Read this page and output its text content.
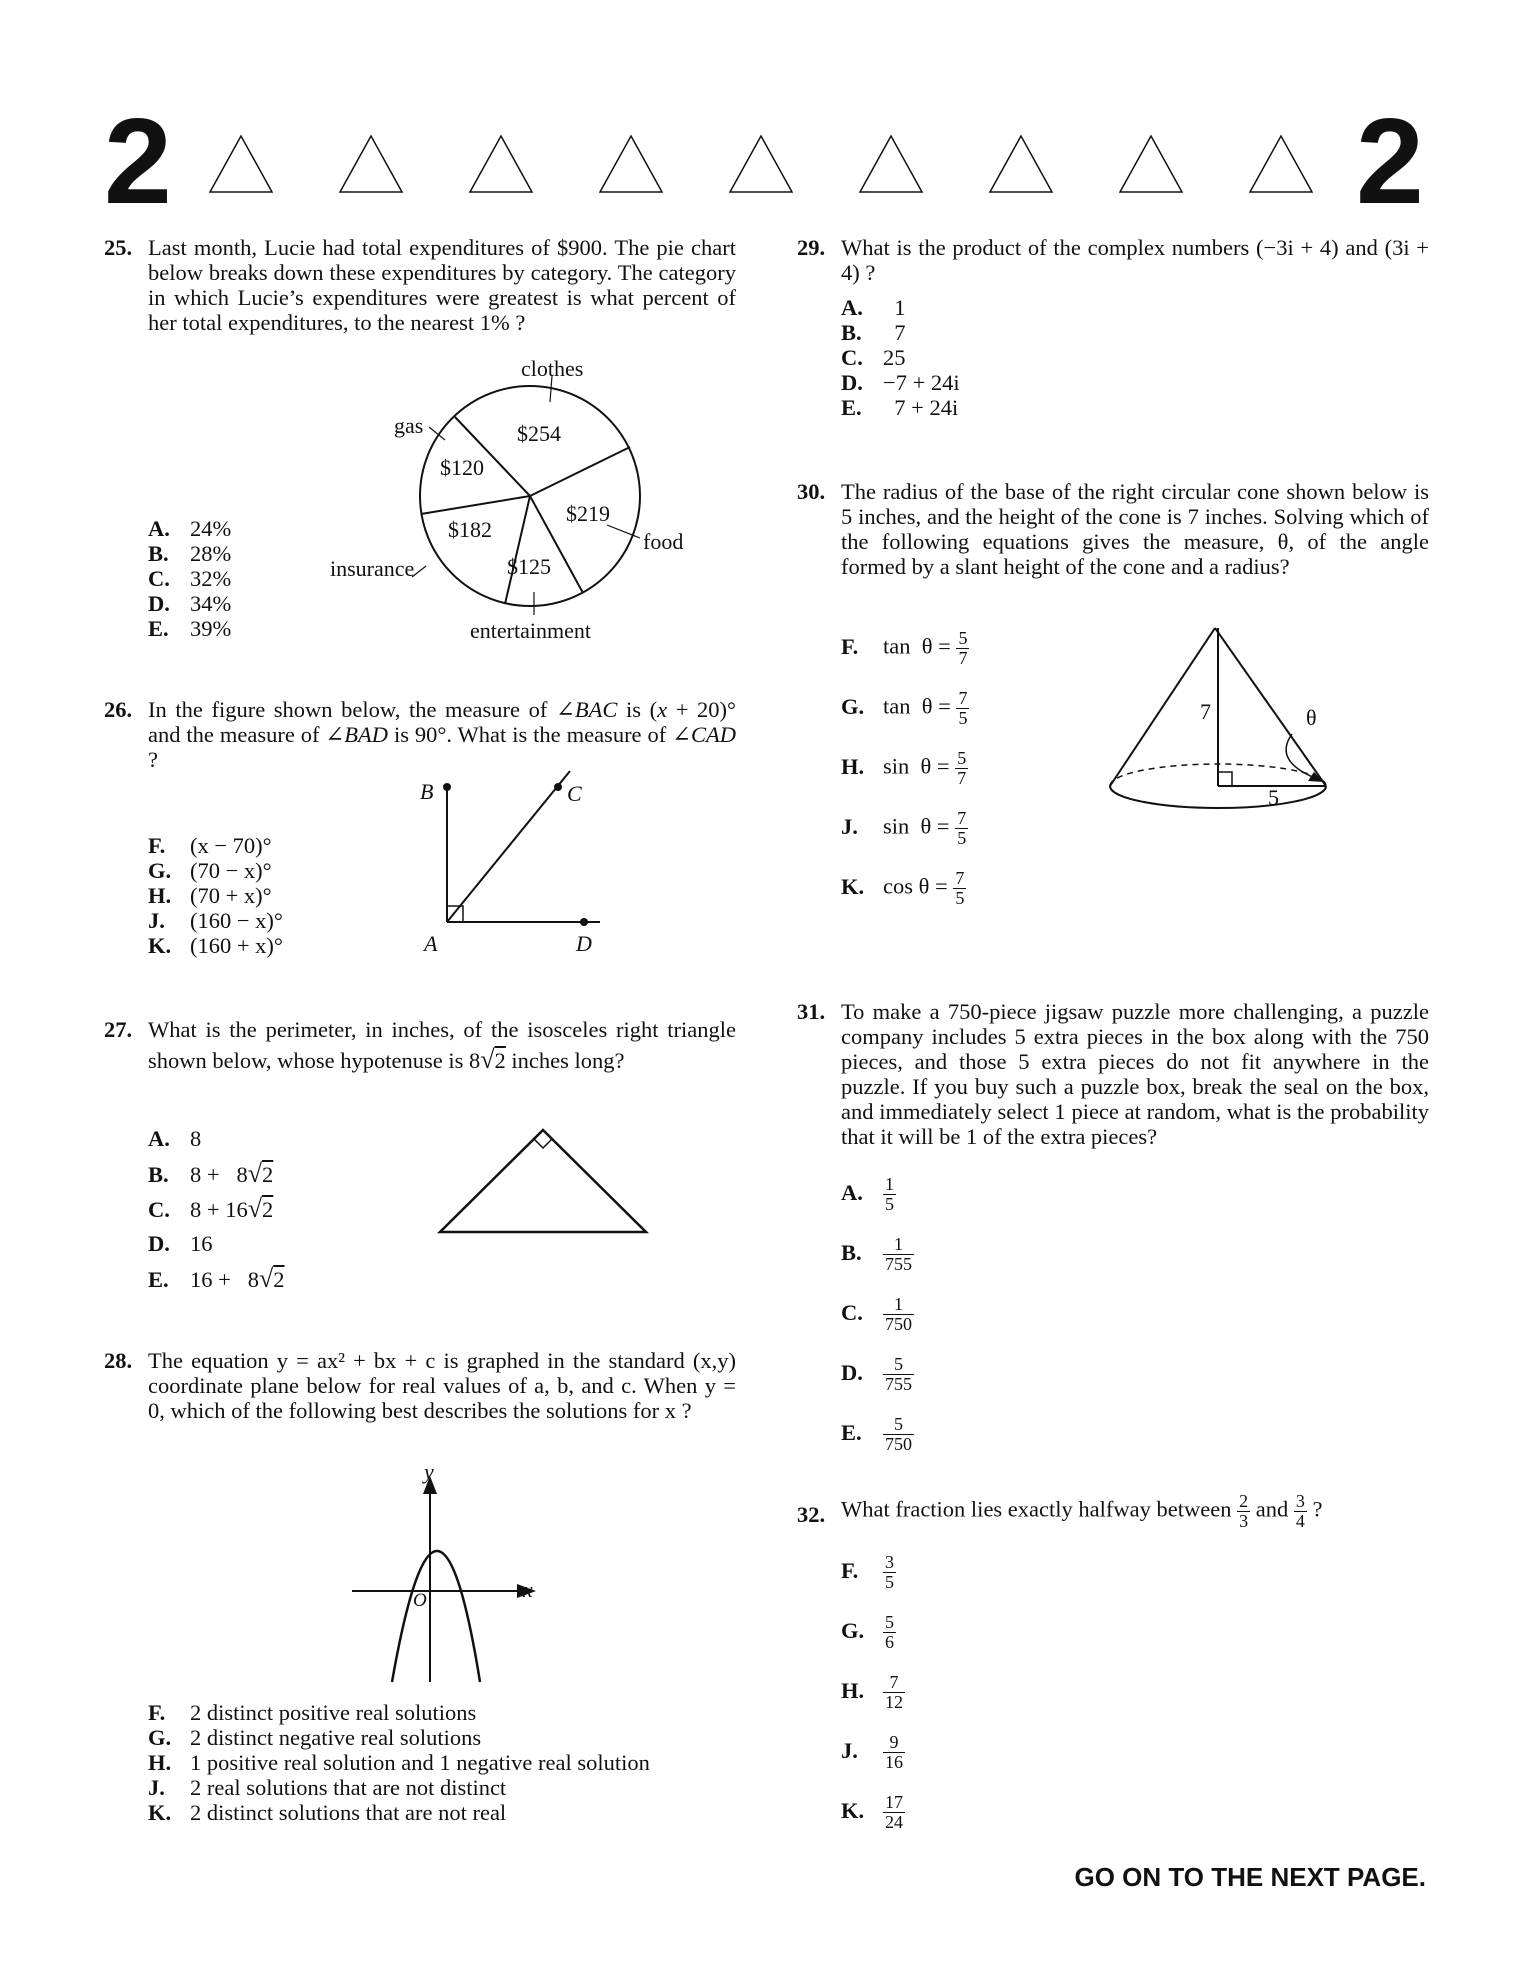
2	2
25. Last month, Lucie had total expenditures of $900. The pie chart below breaks down these expenditures by category. The category in which Lucie’s expenditures were greatest is what percent of her total expenditures, to the nearest 1% ?
A. 24%
B. 28%
C. 32%
D. 34%
E. 39%
clothes
gas
food
insurance
entertainment
$254
$120
$219
$182
$125
26. In the figure shown below, the measure of ∠BAC is (x + 20)° and the measure of ∠BAD is 90°. What is the measure of ∠CAD ?
F. (x − 70)°
G. (70 − x)°
H. (70 + x)°
J. (160 − x)°
K. (160 + x)°
B	C
A	D
27. What is the perimeter, in inches, of the isosceles right triangle shown below, whose hypotenuse is 8√2 inches long?
A. 8
B. 8 +   8√2
C. 8 + 16√2
D. 16
E. 16 +   8√2
28. The equation y = ax² + bx + c is graphed in the standard (x,y) coordinate plane below for real values of a, b, and c. When y = 0, which of the following best describes the solutions for x ?
y
x
O
F. 2 distinct positive real solutions
G. 2 distinct negative real solutions
H. 1 positive real solution and 1 negative real solution
J. 2 real solutions that are not distinct
K. 2 distinct solutions that are not real
29. What is the product of the complex numbers (−3i + 4) and (3i + 4) ?
A.  1
B.  7
C. 25
D. −7 + 24i
E.  7 + 24i
30. The radius of the base of the right circular cone shown below is 5 inches, and the height of the cone is 7 inches. Solving which of the following equations gives the measure, θ, of the angle formed by a slant height of the cone and a radius?
F. $\tan \theta = \frac{5}{7}$
G. $\tan \theta = \frac{7}{5}$
H. $\sin \theta = \frac{5}{7}$
J. $\sin \theta = \frac{7}{5}$
K. $\cos \theta = \frac{7}{5}$
7
5
θ
31. To make a 750-piece jigsaw puzzle more challenging, a puzzle company includes 5 extra pieces in the box along with the 750 pieces, and those 5 extra pieces do not fit anywhere in the puzzle. If you buy such a puzzle box, break the seal on the box, and immediately select 1 piece at random, what is the probability that it will be 1 of the extra pieces?
A. $\frac{1}{5}$
B. $\frac{1}{755}$
C. $\frac{1}{750}$
D. $\frac{5}{755}$
E. $\frac{5}{750}$
32. What fraction lies exactly halfway between $\frac{2}{3}$ and $\frac{3}{4}$ ?
F. $\frac{3}{5}$
G. $\frac{5}{6}$
H. $\frac{7}{12}$
J. $\frac{9}{16}$
K. $\frac{17}{24}$
GO ON TO THE NEXT PAGE.
